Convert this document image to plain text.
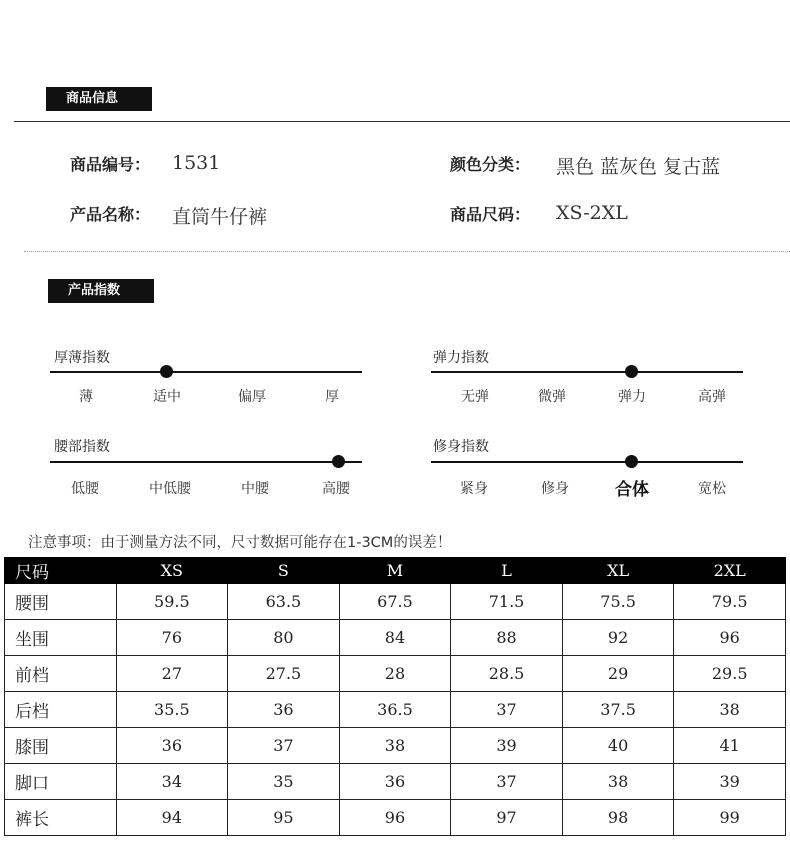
商品信息
商品编号： 1531
产品名称： 直筒牛仔裤
颜色分类： 黑色 蓝灰色 复古蓝
商品尺码： XS-2XL
产品指数
厚薄指数
薄	适中	偏厚	厚
弹力指数
无弹	微弹	弹力	高弹
腰部指数
低腰	中低腰	中腰	高腰
修身指数
紧身	修身	合体	宽松
注意事项：由于测量方法不同，尺寸数据可能存在1-3CM的误差！
尺码	XS	S	M	L	XL	2XL
腰围	59.5	63.5	67.5	71.5	75.5	79.5
坐围	76	80	84	88	92	96
前档	27	27.5	28	28.5	29	29.5
后档	35.5	36	36.5	37	37.5	38
膝围	36	37	38	39	40	41
脚口	34	35	36	37	38	39
裤长	94	95	96	97	98	99
